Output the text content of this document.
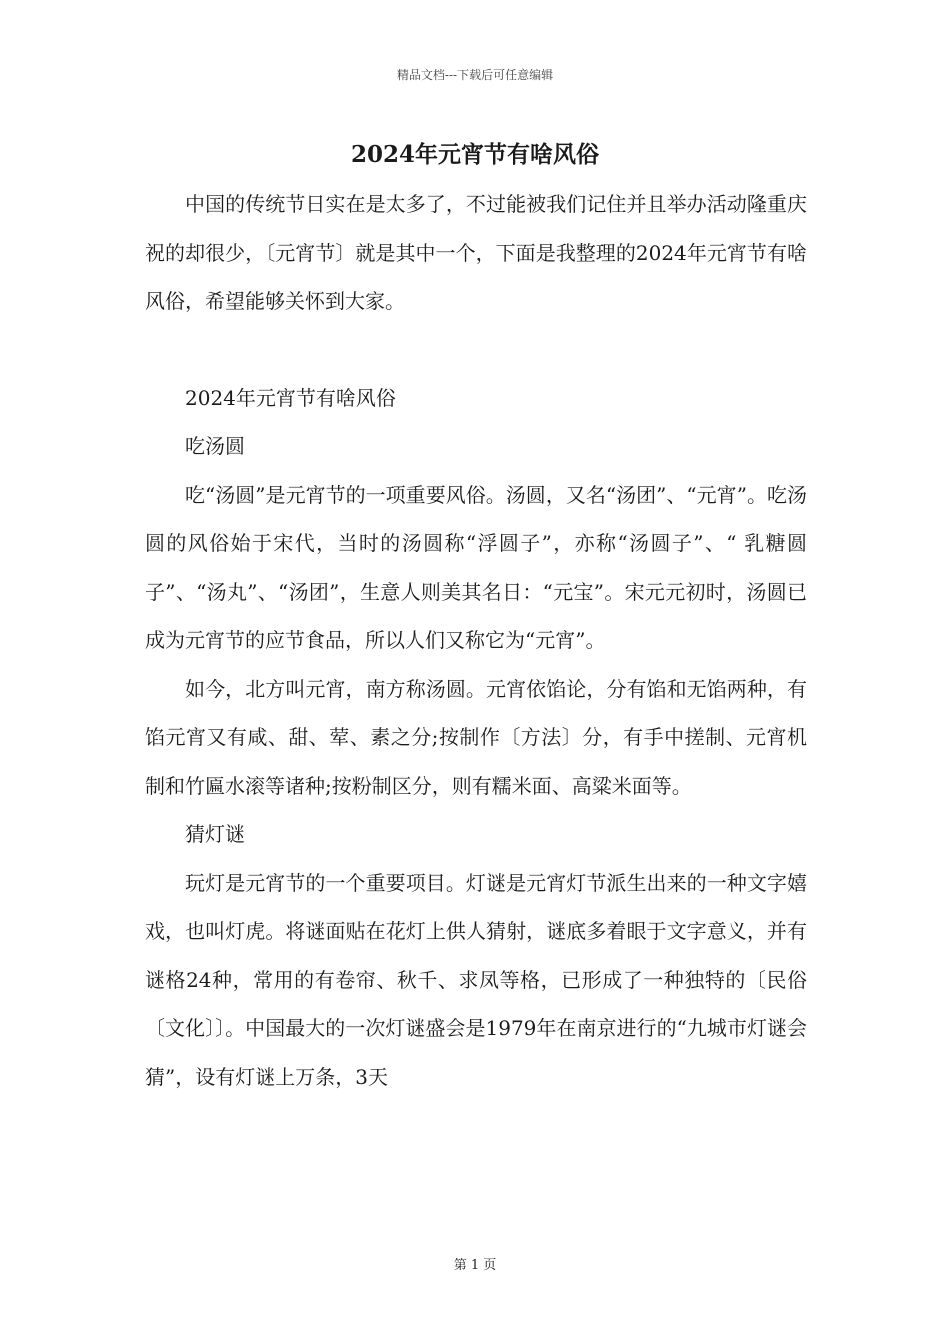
精品文档---下载后可任意编辑
2024年元宵节有啥风俗

中国的传统节日实在是太多了，不过能被我们记住并且举办活动隆重庆祝的却很少，〔元宵节〕就是其中一个，下面是我整理的2024年元宵节有啥风俗，希望能够关怀到大家。

2024年元宵节有啥风俗

吃汤圆

吃“汤圆”是元宵节的一项重要风俗。汤圆，又名“汤团”、“元宵”。吃汤圆的风俗始于宋代，当时的汤圆称“浮圆子”，亦称“汤圆子”、“ 乳糖圆子”、“汤丸”、“汤团”，生意人则美其名日：“元宝”。宋元元初时，汤圆已成为元宵节的应节食品，所以人们又称它为“元宵”。

如今，北方叫元宵，南方称汤圆。元宵依馅论，分有馅和无馅两种，有馅元宵又有咸、甜、荤、素之分;按制作〔方法〕分，有手中搓制、元宵机制和竹匾水滚等诸种;按粉制区分，则有糯米面、高粱米面等。

猜灯谜

玩灯是元宵节的一个重要项目。灯谜是元宵灯节派生出来的一种文字嬉戏，也叫灯虎。将谜面贴在花灯上供人猜射，谜底多着眼于文字意义，并有谜格24种，常用的有卷帘、秋千、求凤等格，已形成了一种独特的〔民俗〔文化〕〕。中国最大的一次灯谜盛会是1979年在南京进行的“九城市灯谜会猜”，设有灯谜上万条，3天

第 1 页
